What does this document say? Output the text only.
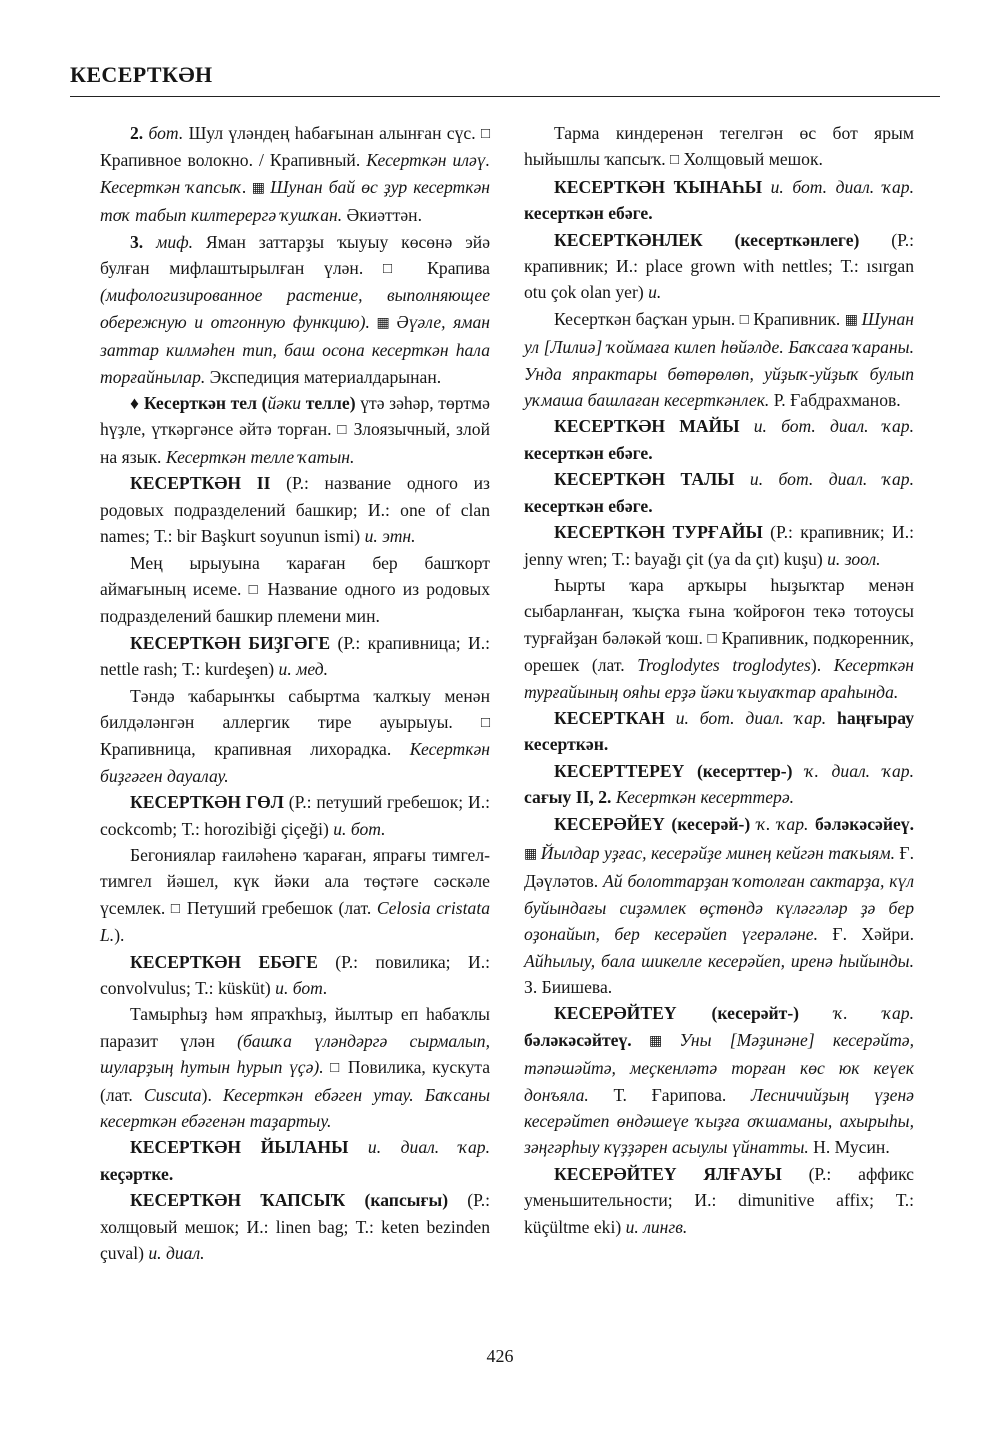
КЕСЕРТКӘН

2. бот. Шул үләндең һабағынан алынған сүс. □ Крапивное волокно. / Крапивный. Кесерткән иләү. Кесерткән ҡапсыҡ. ▦ Шунан бай өс ҙур кесерткән тоҡ табып килтерергә ҡушҡан. Әкиәттән.

3. миф. Яман заттарҙы ҡыуыу көсөнә эйә булған мифлаштырылған үлән. □ Крапива (мифологизированное растение, выполняющее обережную и отгонную функцию). ▦ Әүәле, яман заттар килмәһен тип, баш осона кесерткән һала торғайнылар. Экспедиция материалдарынан.

♦ Кесерткән тел (йәки телле) үтә зәһәр, төртмә һүҙле, үткәргәнсе әйтә торған. □ Злоязычный, злой на язык. Кесерткән телле ҡатын.

КЕСЕРТКӘН II (Р.: название одного из родовых подразделений башкир; И.: one of clan names; Т.: bir Başkurt soyunun ismi) и. этн.

Мең ырыуына ҡараған бер башҡорт аймағының исеме. □ Название одного из родовых подразделений башкир племени мин.

КЕСЕРТКӘН БИҘГӘГЕ (Р.: крапивница; И.: nettle rash; Т.: kurdeşen) и. мед.

Тәндә ҡабарынҡы сабыртма ҡалҡыу менән билдәләнгән аллергик тире ауырыуы. □ Крапивница, крапивная лихорадка. Кесерткән биҙгәген дауалау.

КЕСЕРТКӘН ГӨЛ (Р.: петуший гребешок; И.: cockcomb; Т.: horozibiği çiçeği) и. бот.

Бегониялар ғаиләһенә ҡараған, япрағы тимгел-тимгел йәшел, күк йәки ала төҫтәге сәскәле үсемлек. □ Петуший гребешок (лат. Celosia cristata L.).

КЕСЕРТКӘН ЕБӘГЕ (Р.: повилика; И.: convolvulus; Т.: küsküt) и. бот.

Тамырһыҙ һәм япраҡһыҙ, йылтыр еп һабаҡлы паразит үлән (башҡа үләндәргә сырмалып, шуларҙың һутын һурып үҫә). □ Повилика, кускута (лат. Cuscuta). Кесерткән ебәген утау. Баҡсаны кесерткән ебәгенән таҙартыу.

КЕСЕРТКӘН ЙЫЛАНЫ и. диал. ҡар. кеҫәртке.

КЕСЕРТКӘН ҠАПСЫҠ (капсығы) (Р.: холщовый мешок; И.: linen bag; Т.: keten bezinden çuval) и. диал.

Тарма киндеренән тегелгән өс бот ярым һыйышлы ҡапсыҡ. □ Холщовый мешок.

КЕСЕРТКӘН ҠЫНАҺЫ и. бот. диал. ҡар. кесерткән ебәге.

КЕСЕРТКӘНЛЕК (кесерткәнлеге) (Р.: крапивник; И.: place grown with nettles; Т.: ısırgan otu çok olan yer) и.

Кесерткән баҫҡан урын. □ Крапивник. ▦ Шунан ул [Лилиә] ҡоймаға килеп һөйәлде. Баҡсаға ҡараны. Унда япрактары бөтөрөлөп, уйҙыҡ-уйҙыҡ булып уҡмаша башлаған кесерткәнлек. Р. Ғабдрахманов.

КЕСЕРТКӘН МАЙЫ и. бот. диал. ҡар. кесерткән ебәге.

КЕСЕРТКӘН ТАЛЫ и. бот. диал. ҡар. кесерткән ебәге.

КЕСЕРТКӘН ТУРҒАЙЫ (Р.: крапивник; И.: jenny wren; Т.: bayağı çit (ya da çıt) kuşu) и. зоол.

Һырты ҡара арҡыры һыҙыҡтар менән сыбарланған, ҡыҫҡа ғына ҡойроғон текә тотоусы турғайҙан бәләкәй ҡош. □ Крапивник, подкоренник, орешек (лат. Troglodytes troglodytes). Кесерткән турғайының ояһы ерҙә йәки ҡыуаҡтар араһында.

КЕСЕРТКАН и. бот. диал. ҡар. һаңғырау кесерткән.

КЕСЕРТТЕРЕҮ (кесерттер-) ҡ. диал. ҡар. сағыу II, 2. Кесерткән кесерттерә.

КЕСЕРӘЙЕҮ (кесерәй-) ҡ. ҡар. бәләкәсәйеү. ▦ Йылдар уҙғас, кесерәйҙе минең кейгән таҡыям. Ғ. Дәүләтов. Ай болоттарҙан ҡотолған сактарҙа, күл буйындағы сиҙәмлек өҫтөндә күләгәләр ҙә бер оҙонайып, бер кесерәйеп үгерәләне. Ғ. Хәйри. Айһылыу, бала шикелле кесерәйеп, иренә һыйынды. З. Биишева.

КЕСЕРӘЙТЕҮ (кесерәйт-) ҡ. ҡар. бәләкәсәйтеү. ▦ Уны [Мәҙинәне] кесерәйтә, тәпәшәйтә, меҫкенләтә торған көс юк кеүек донъяла. Т. Ғарипова. Лесничийҙың үҙенә кесерәйтеп өндәшеүе ҡыҙға оҡшаманы, ахырыһы, зәңгәрһыу күҙҙәрен асыулы үйнатты. Н. Мусин.

КЕСЕРӘЙТЕҮ ЯЛҒАУЫ (Р.: аффикс уменьшительности; И.: dimunitive affix; Т.: küçültme eki) и. лингв.

426
